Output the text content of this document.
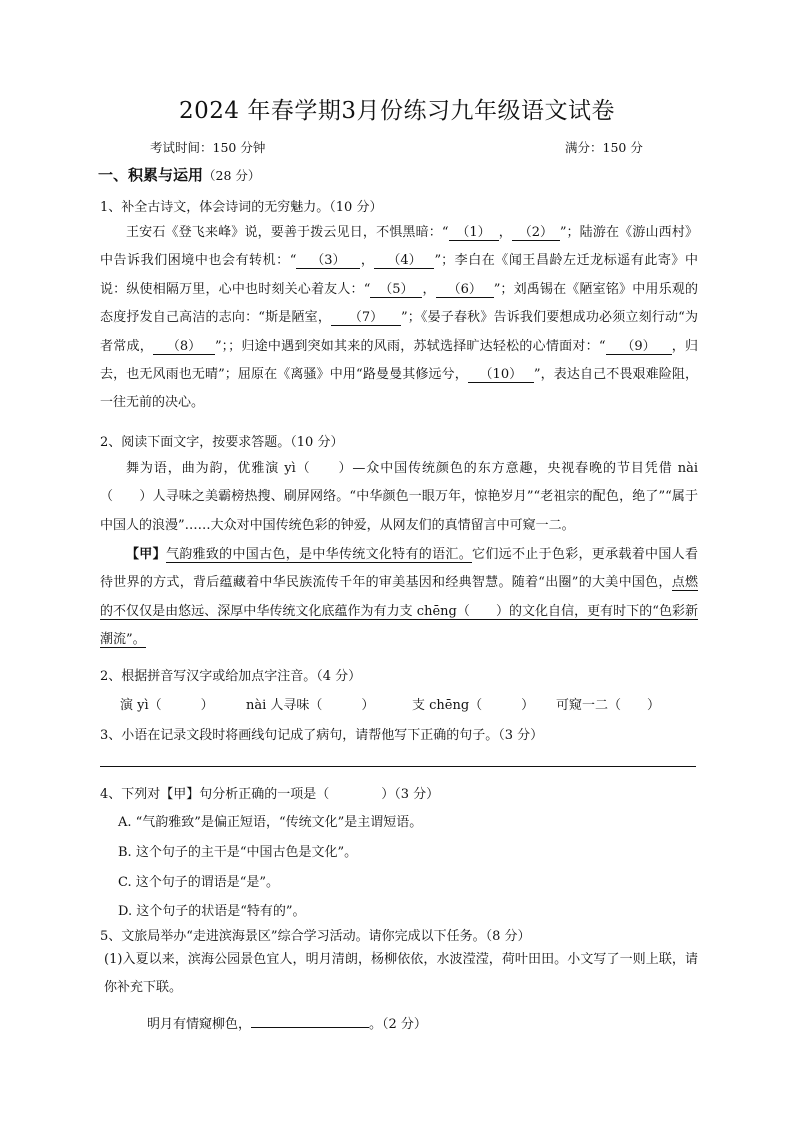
2024 年春学期3月份练习九年级语文试卷
考试时间：150 分钟	满分：150 分
一、积累与运用（28 分）
1、补全古诗文，体会诗词的无穷魅力。（10 分）
王安石《登飞来峰》说，要善于拨云见日，不惧黑暗：“ （1） ， （2） ”；陆游在《游山西村》中告诉我们困境中也会有转机：“ （3） ， （4） ”；李白在《闻王昌龄左迁龙标遥有此寄》中说：纵使相隔万里，心中也时刻关心着友人：“ （5） ， （6） ”；刘禹锡在《陋室铭》中用乐观的态度抒发自己高洁的志向：“斯是陋室， （7） ”；《晏子春秋》告诉我们要想成功必须立刻行动“为者常成， （8） ”；；归途中遇到突如其来的风雨，苏轼选择旷达轻松的心情面对：“ （9） ，归去，也无风雨也无晴”；屈原在《离骚》中用“路曼曼其修远兮， （10） ”，表达自己不畏艰难险阻，一往无前的决心。
2、阅读下面文字，按要求答题。（10 分）
舞为语，曲为韵，优雅演 yì（　　）—众中国传统颜色的东方意趣，央视春晚的节目凭借 nài（　　）人寻味之美霸榜热搜、刷屏网络。“中华颜色一眼万年，惊艳岁月”“老祖宗的配色，绝了”“属于中国人的浪漫”……大众对中国传统色彩的钟爱，从网友们的真情留言中可窥一二。
【甲】气韵雅致的中国古色，是中华传统文化特有的语汇。它们远不止于色彩，更承载着中国人看待世界的方式，背后蕴藏着中华民族流传千年的审美基因和经典智慧。随着“出圈”的大美中国色，点燃的不仅仅是由悠远、深厚中华传统文化底蕴作为有力支 chēng（　　）的文化自信，更有时下的“色彩新潮流”。
2、根据拼音写汉字或给加点字注音。（4 分）
演 yì（　　　） nài 人寻味（　　　）	支 chēng（　　　） 可窥一二（　　）
3、小语在记录文段时将画线句记成了病句，请帮他写下正确的句子。（3 分）
4、下列对【甲】句分析正确的一项是（　　　　）（3 分）
A. “气韵雅致”是偏正短语，“传统文化”是主谓短语。
B. 这个句子的主干是“中国古色是文化”。
C. 这个句子的谓语是“是”。
D. 这个句子的状语是“特有的”。
5、文旅局举办“走进滨海景区”综合学习活动。请你完成以下任务。（8 分）
(1)入夏以来，滨海公园景色宜人，明月清朗，杨柳依依，水波滢滢，荷叶田田。小文写了一则上联，请你补充下联。
明月有情窥柳色，	。（2 分）
